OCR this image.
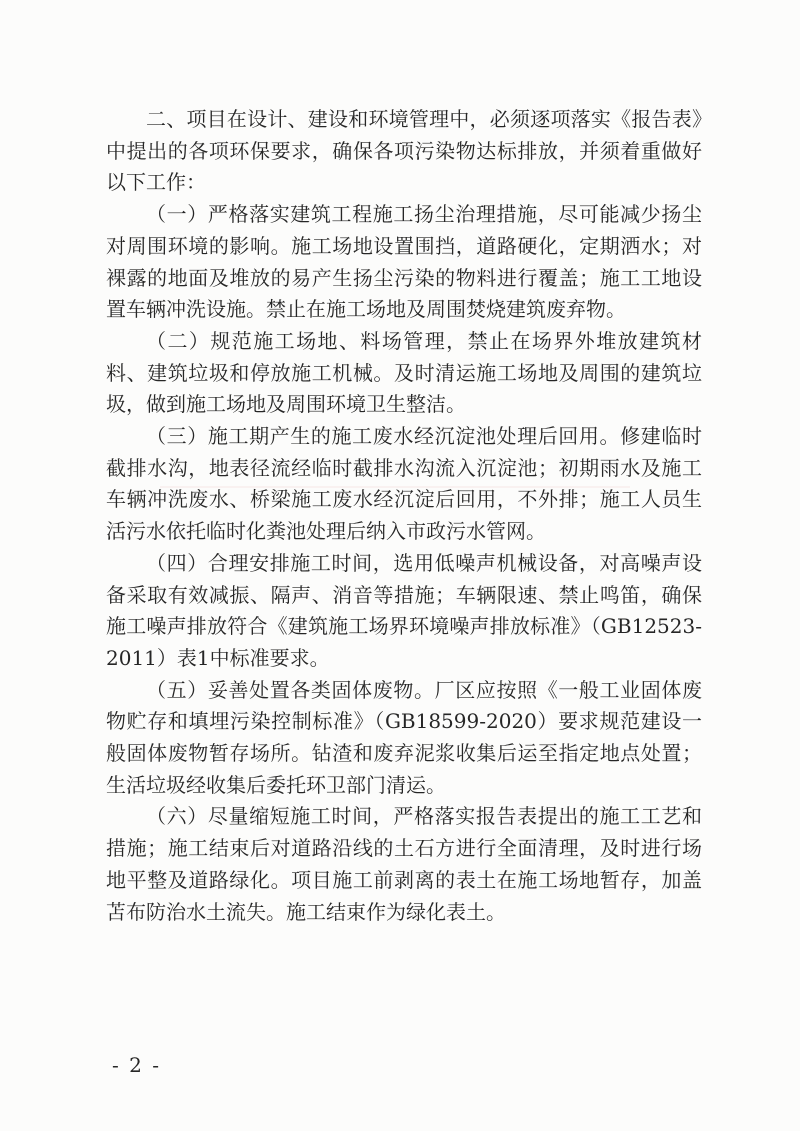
二、项目在设计、建设和环境管理中，必须逐项落实《报告表》中提出的各项环保要求，确保各项污染物达标排放，并须着重做好以下工作：

（一）严格落实建筑工程施工扬尘治理措施，尽可能减少扬尘对周围环境的影响。施工场地设置围挡，道路硬化，定期洒水；对裸露的地面及堆放的易产生扬尘污染的物料进行覆盖；施工工地设置车辆冲洗设施。禁止在施工场地及周围焚烧建筑废弃物。

（二）规范施工场地、料场管理，禁止在场界外堆放建筑材料、建筑垃圾和停放施工机械。及时清运施工场地及周围的建筑垃圾，做到施工场地及周围环境卫生整洁。

（三）施工期产生的施工废水经沉淀池处理后回用。修建临时截排水沟，地表径流经临时截排水沟流入沉淀池；初期雨水及施工车辆冲洗废水、桥梁施工废水经沉淀后回用，不外排；施工人员生活污水依托临时化粪池处理后纳入市政污水管网。

（四）合理安排施工时间，选用低噪声机械设备，对高噪声设备采取有效减振、隔声、消音等措施；车辆限速、禁止鸣笛，确保施工噪声排放符合《建筑施工场界环境噪声排放标准》（GB12523-2011）表1中标准要求。

（五）妥善处置各类固体废物。厂区应按照《一般工业固体废物贮存和填埋污染控制标准》（GB18599-2020）要求规范建设一般固体废物暂存场所。钻渣和废弃泥浆收集后运至指定地点处置；生活垃圾经收集后委托环卫部门清运。

（六）尽量缩短施工时间，严格落实报告表提出的施工工艺和措施；施工结束后对道路沿线的土石方进行全面清理，及时进行场地平整及道路绿化。项目施工前剥离的表土在施工场地暂存，加盖苫布防治水土流失。施工结束作为绿化表土。

- 2 -
